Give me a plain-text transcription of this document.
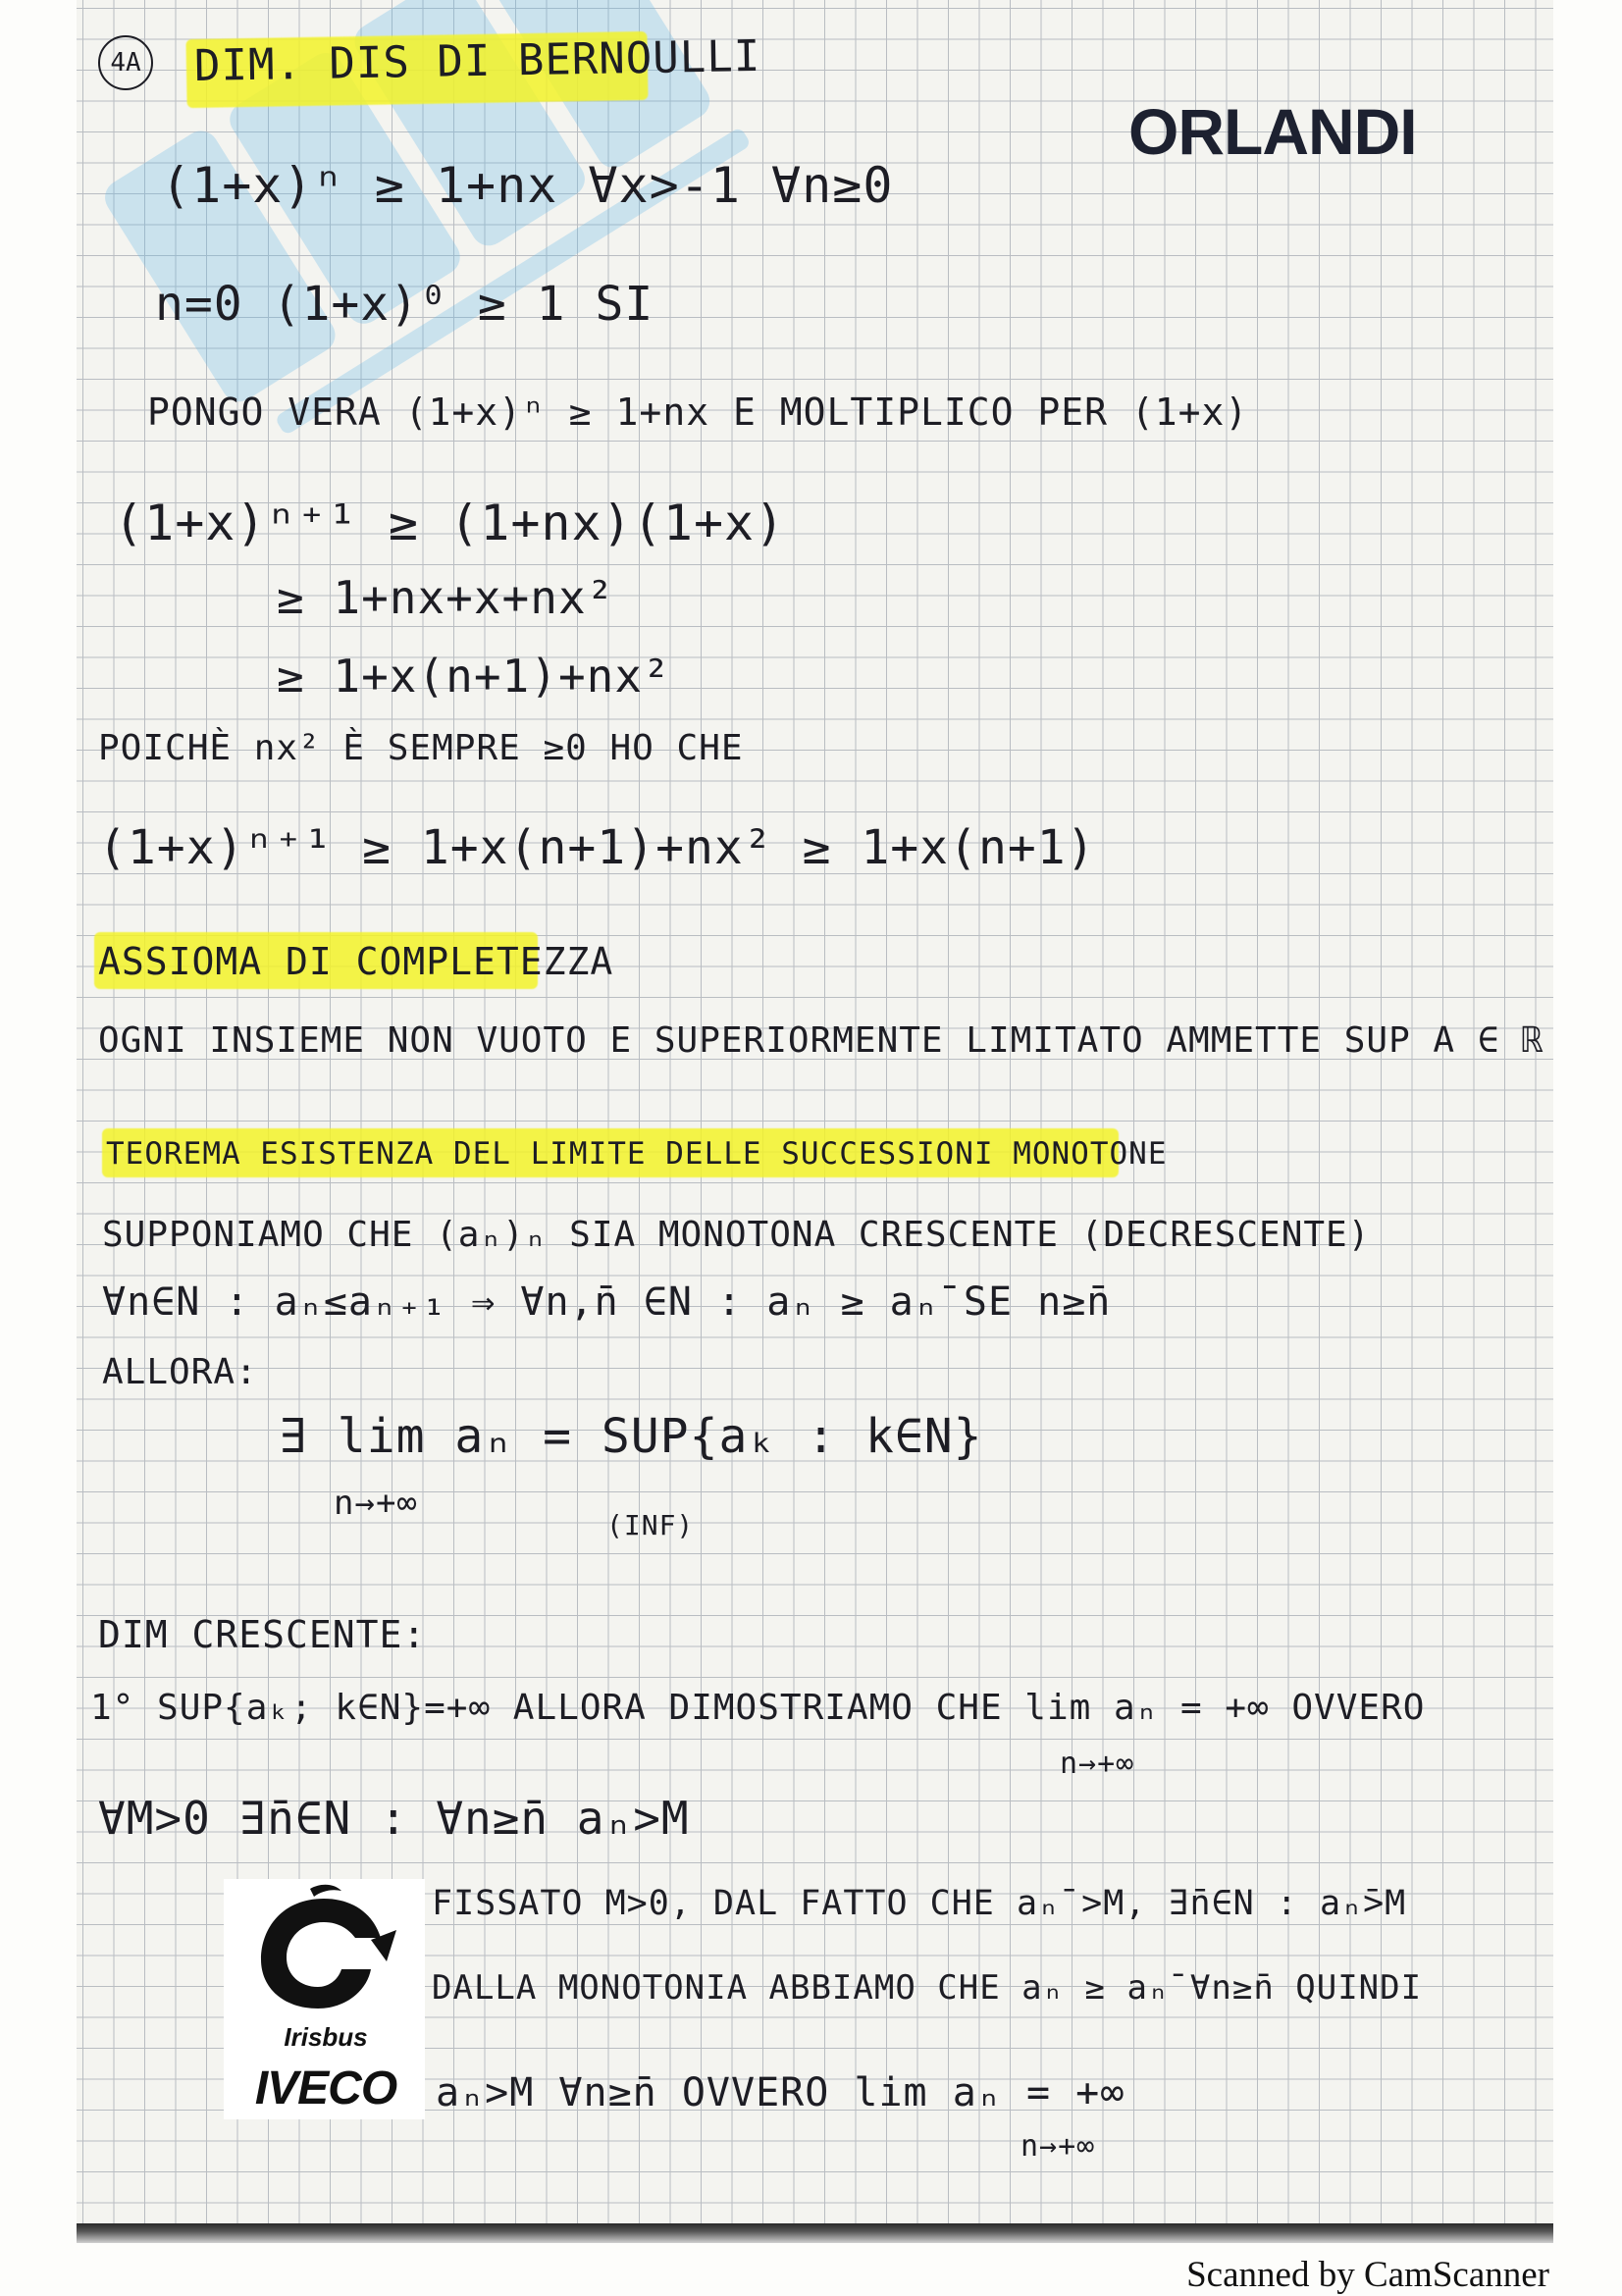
4A DIM. DIS DI BERNOULLI
ORLANDI
(1+x)ⁿ ≥ 1+nx ∀x>-1 ∀n≥0
n=0 (1+x)⁰ ≥ 1 SI
PONGO VERA (1+x)ⁿ ≥ 1+nx E MOLTIPLICO PER (1+x)
(1+x)ⁿ⁺¹ ≥ (1+nx)(1+x)
≥ 1+nx+x+nx²
≥ 1+x(n+1)+nx²
POICHÈ nx² È SEMPRE ≥0 HO CHE
(1+x)ⁿ⁺¹ ≥ 1+x(n+1)+nx² ≥ 1+x(n+1)
ASSIOMA DI COMPLETEZZA
OGNI INSIEME NON VUOTO E SUPERIORMENTE LIMITATO AMMETTE SUP A ∈ ℝ
TEOREMA ESISTENZA DEL LIMITE DELLE SUCCESSIONI MONOTONE
SUPPONIAMO CHE (aₙ)ₙ SIA MONOTONA CRESCENTE (DECRESCENTE)
∀n∈N : aₙ≤aₙ₊₁ ⇒ ∀n,n̄ ∈N : aₙ ≥ aₙ̄ SE n≥n̄
ALLORA:
∃ lim aₙ = SUP{aₖ : k∈N}
n→+∞
(INF)
DIM CRESCENTE:
1° SUP{aₖ; k∈N}=+∞ ALLORA DIMOSTRIAMO CHE lim aₙ = +∞ OVVERO
n→+∞
∀M>0 ∃n̄∈N : ∀n≥n̄ aₙ>M
FISSATO M>0, DAL FATTO CHE aₙ̄ >M, ∃n̄∈N : aₙ̄>M
DALLA MONOTONIA ABBIAMO CHE aₙ ≥ aₙ̄ ∀n≥n̄ QUINDI
aₙ>M ∀n≥n̄ OVVERO lim aₙ = +∞
n→+∞
Irisbus
IVECO
Scanned by CamScanner
